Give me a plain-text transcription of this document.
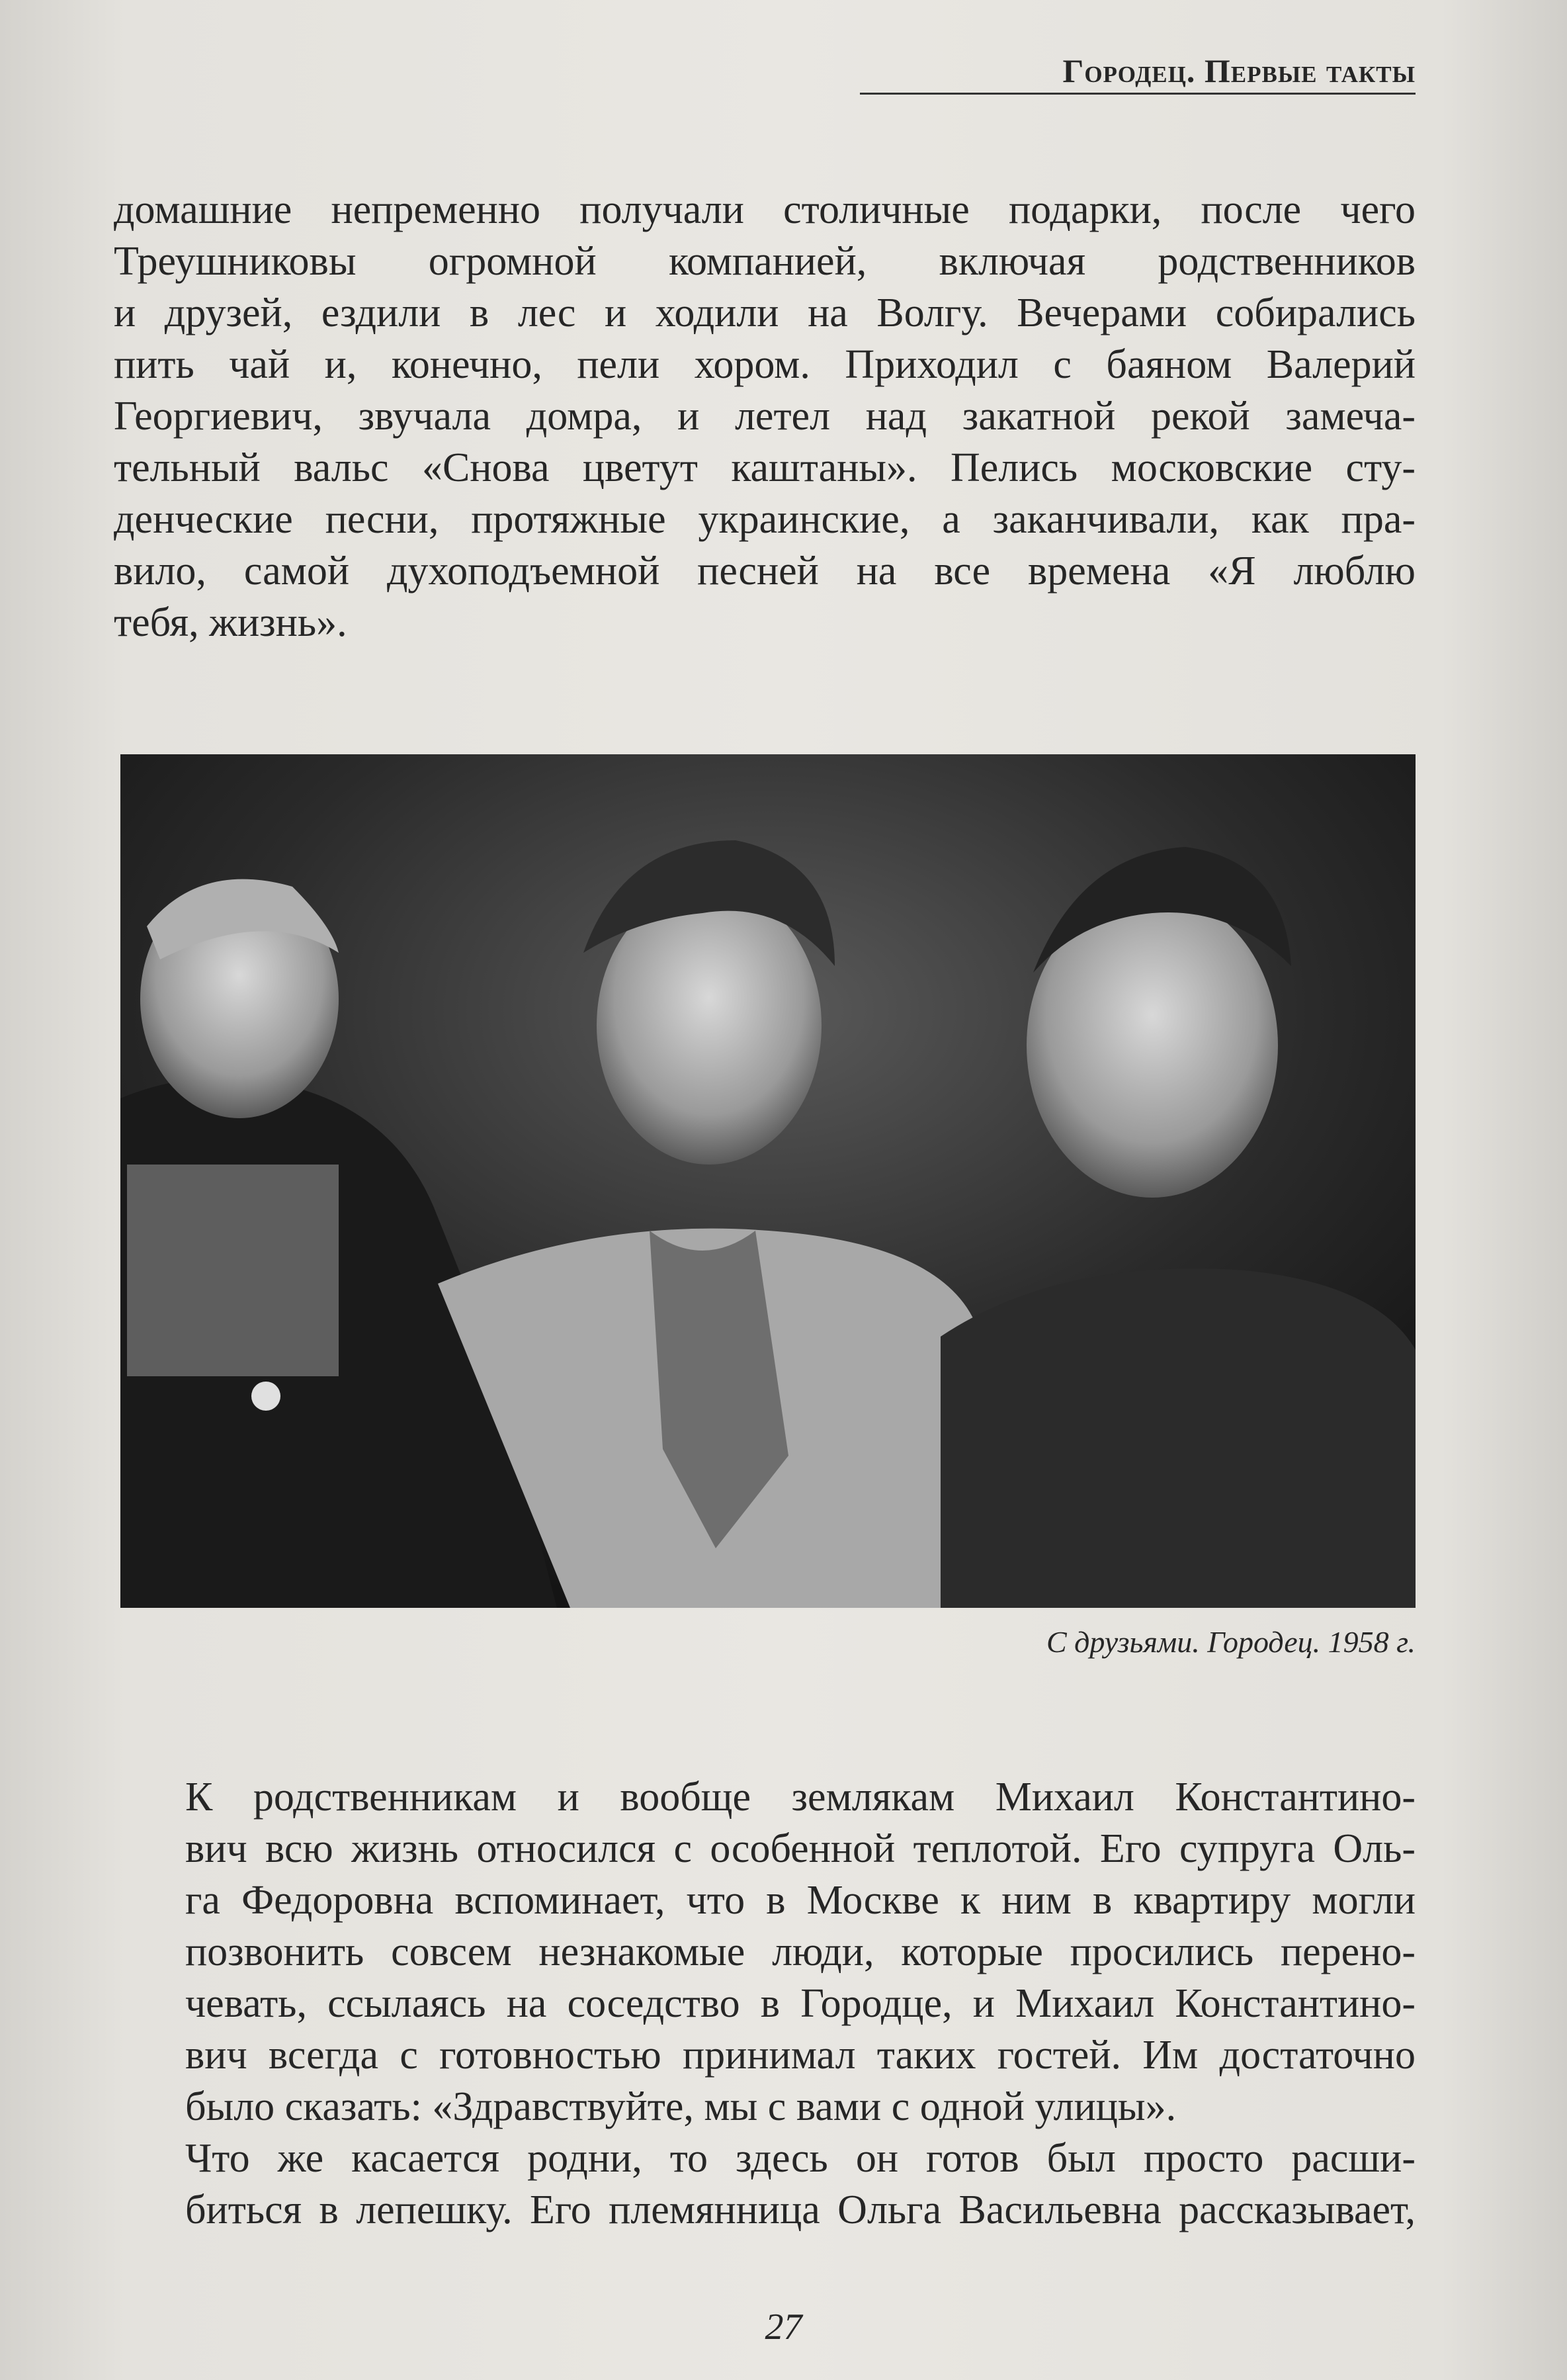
Городец. Первые такты

домашние непременно получали столичные подарки, после чего
Треушниковы огромной компанией, включая родственников
и друзей, ездили в лес и ходили на Волгу. Вечерами собирались
пить чай и, конечно, пели хором. Приходил с баяном Валерий
Георгиевич, звучала домра, и летел над закатной рекой замеча-
тельный вальс «Снова цветут каштаны». Пелись московские сту-
денческие песни, протяжные украинские, а заканчивали, как пра-
вило, самой духоподъемной песней на все времена «Я люблю
тебя, жизнь».

С друзьями. Городец. 1958 г.

К родственникам и вообще землякам Михаил Константино-
вич всю жизнь относился с особенной теплотой. Его супруга Оль-
га Федоровна вспоминает, что в Москве к ним в квартиру могли
позвонить совсем незнакомые люди, которые просились перено-
чевать, ссылаясь на соседство в Городце, и Михаил Константино-
вич всегда с готовностью принимал таких гостей. Им достаточно
было сказать: «Здравствуйте, мы с вами с одной улицы».

Что же касается родни, то здесь он готов был просто расши-
биться в лепешку. Его племянница Ольга Васильевна рассказывает,

27
